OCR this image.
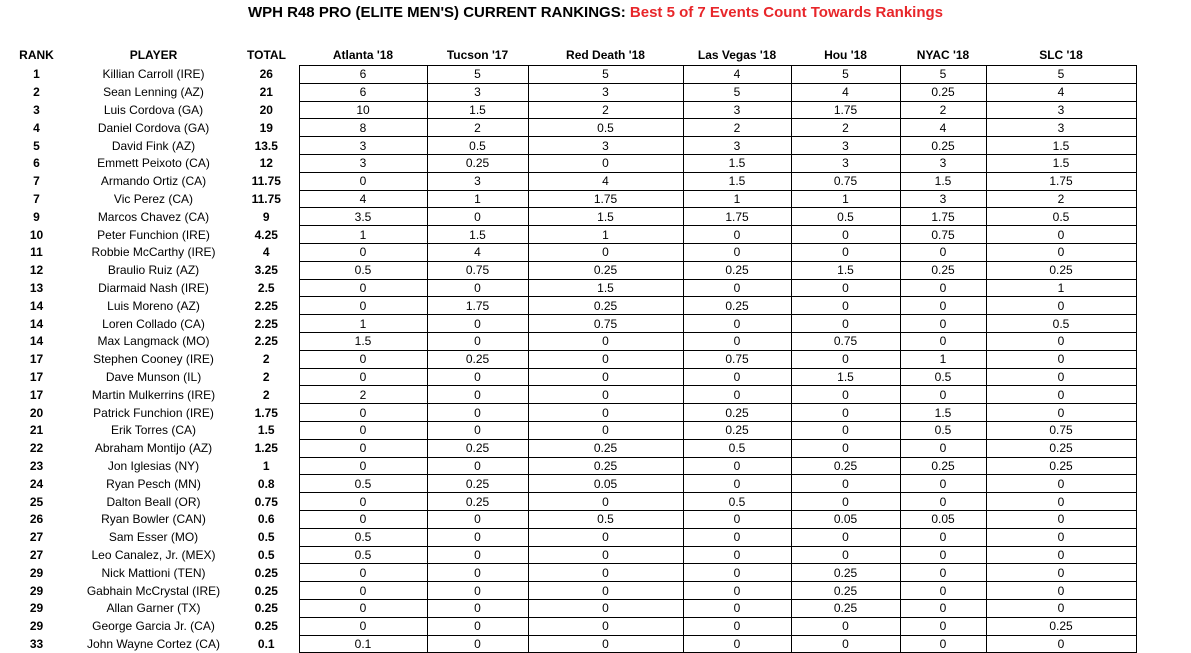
WPH R48 PRO (ELITE MEN'S) CURRENT RANKINGS: Best 5 of 7 Events Count Towards Rankings
RANK	PLAYER	TOTAL	Atlanta '18	Tucson '17	Red Death '18	Las Vegas '18	Hou '18	NYAC '18	SLC '18
1	Killian Carroll (IRE)	26	6	5	5	4	5	5	5
2	Sean Lenning (AZ)	21	6	3	3	5	4	0.25	4
3	Luis Cordova (GA)	20	10	1.5	2	3	1.75	2	3
4	Daniel Cordova (GA)	19	8	2	0.5	2	2	4	3
5	David Fink (AZ)	13.5	3	0.5	3	3	3	0.25	1.5
6	Emmett Peixoto (CA)	12	3	0.25	0	1.5	3	3	1.5
7	Armando Ortiz (CA)	11.75	0	3	4	1.5	0.75	1.5	1.75
7	Vic Perez (CA)	11.75	4	1	1.75	1	1	3	2
9	Marcos Chavez (CA)	9	3.5	0	1.5	1.75	0.5	1.75	0.5
10	Peter Funchion (IRE)	4.25	1	1.5	1	0	0	0.75	0
11	Robbie McCarthy (IRE)	4	0	4	0	0	0	0	0
12	Braulio Ruiz (AZ)	3.25	0.5	0.75	0.25	0.25	1.5	0.25	0.25
13	Diarmaid Nash (IRE)	2.5	0	0	1.5	0	0	0	1
14	Luis Moreno (AZ)	2.25	0	1.75	0.25	0.25	0	0	0
14	Loren Collado (CA)	2.25	1	0	0.75	0	0	0	0.5
14	Max Langmack (MO)	2.25	1.5	0	0	0	0.75	0	0
17	Stephen Cooney (IRE)	2	0	0.25	0	0.75	0	1	0
17	Dave Munson (IL)	2	0	0	0	0	1.5	0.5	0
17	Martin Mulkerrins (IRE)	2	2	0	0	0	0	0	0
20	Patrick Funchion (IRE)	1.75	0	0	0	0.25	0	1.5	0
21	Erik Torres (CA)	1.5	0	0	0	0.25	0	0.5	0.75
22	Abraham Montijo (AZ)	1.25	0	0.25	0.25	0.5	0	0	0.25
23	Jon Iglesias (NY)	1	0	0	0.25	0	0.25	0.25	0.25
24	Ryan Pesch (MN)	0.8	0.5	0.25	0.05	0	0	0	0
25	Dalton Beall (OR)	0.75	0	0.25	0	0.5	0	0	0
26	Ryan Bowler (CAN)	0.6	0	0	0.5	0	0.05	0.05	0
27	Sam Esser (MO)	0.5	0.5	0	0	0	0	0	0
27	Leo Canalez, Jr. (MEX)	0.5	0.5	0	0	0	0	0	0
29	Nick Mattioni (TEN)	0.25	0	0	0	0	0.25	0	0
29	Gabhain McCrystal (IRE)	0.25	0	0	0	0	0.25	0	0
29	Allan Garner (TX)	0.25	0	0	0	0	0.25	0	0
29	George Garcia Jr. (CA)	0.25	0	0	0	0	0	0	0.25
33	John Wayne Cortez (CA)	0.1	0.1	0	0	0	0	0	0
